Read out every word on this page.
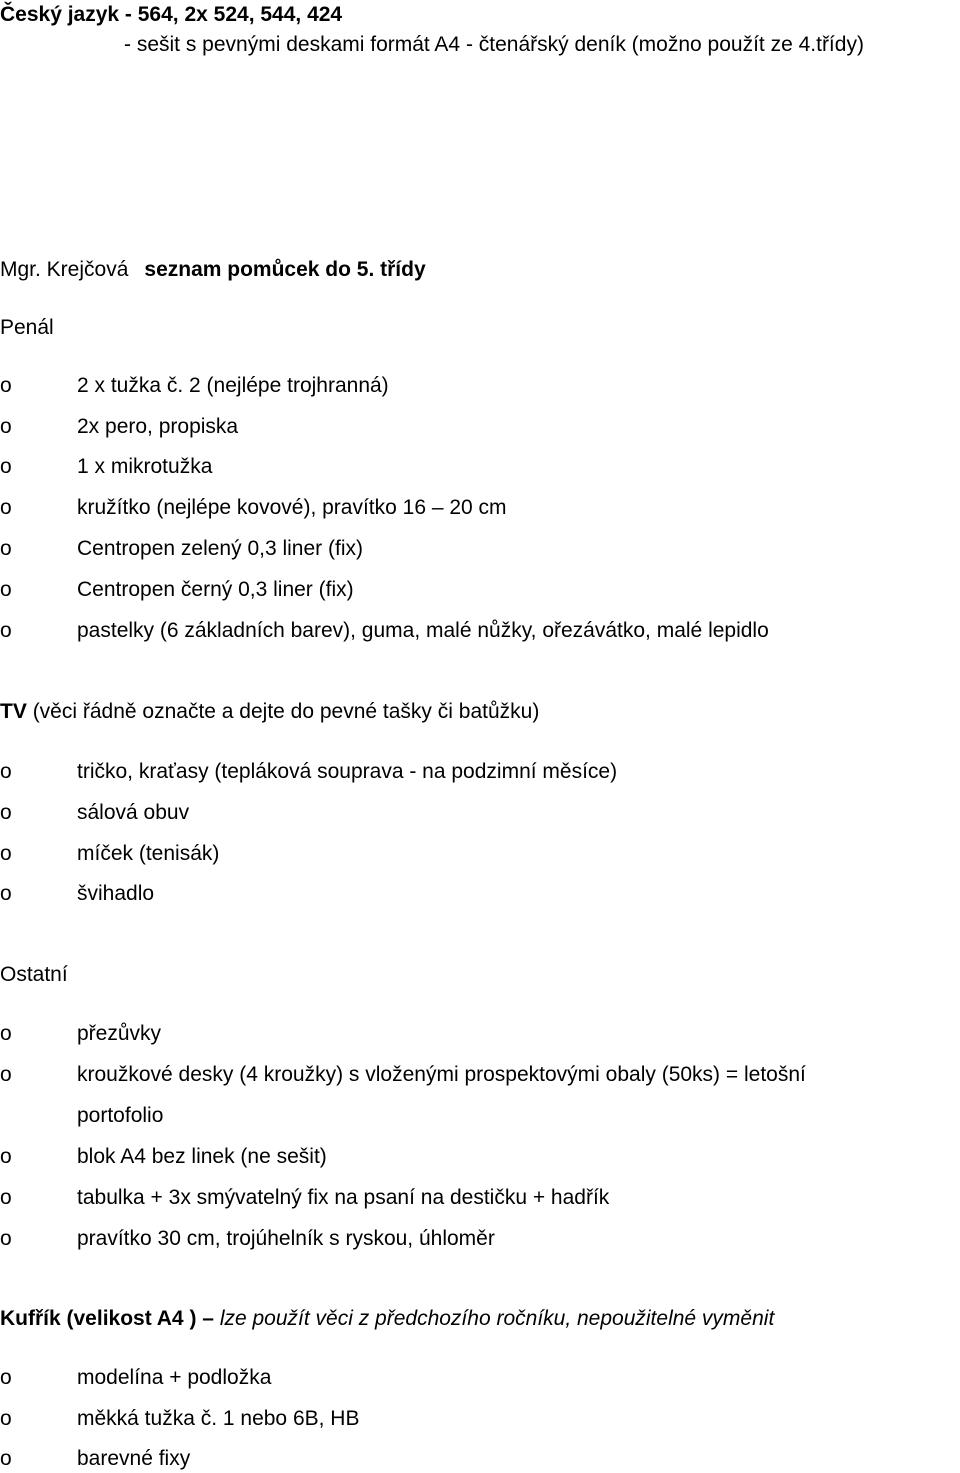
Český jazyk - 564, 2x 524, 544, 424
- sešit s pevnými deskami formát A4 - čtenářský deník (možno použít ze 4.třídy)
Mgr. Krejčová seznam pomůcek do 5. třídy
Penál
o	2 x tužka č. 2 (nejlépe trojhranná)
o	2x pero, propiska
o	1 x mikrotužka
o	kružítko (nejlépe kovové), pravítko 16 – 20 cm
o	Centropen zelený 0,3 liner (fix)
o	Centropen černý 0,3 liner (fix)
o	pastelky (6 základních barev), guma, malé nůžky, ořezávátko, malé lepidlo
TV (věci řádně označte a dejte do pevné tašky či batůžku)
o	tričko, kraťasy (tepláková souprava - na podzimní měsíce)
o	sálová obuv
o	míček (tenisák)
o	švihadlo
Ostatní
o	přezůvky
o	kroužkové desky (4 kroužky) s vloženými prospektovými obaly (50ks) = letošní
portofolio
o	blok A4 bez linek (ne sešit)
o	tabulka + 3x smývatelný fix na psaní na destičku + hadřík
o	pravítko 30 cm, trojúhelník s ryskou, úhloměr
Kufřík (velikost A4 ) – lze použít věci z předchozího ročníku, nepoužitelné vyměnit
o	modelína + podložka
o	měkká tužka č. 1 nebo 6B, HB
o	barevné fixy
